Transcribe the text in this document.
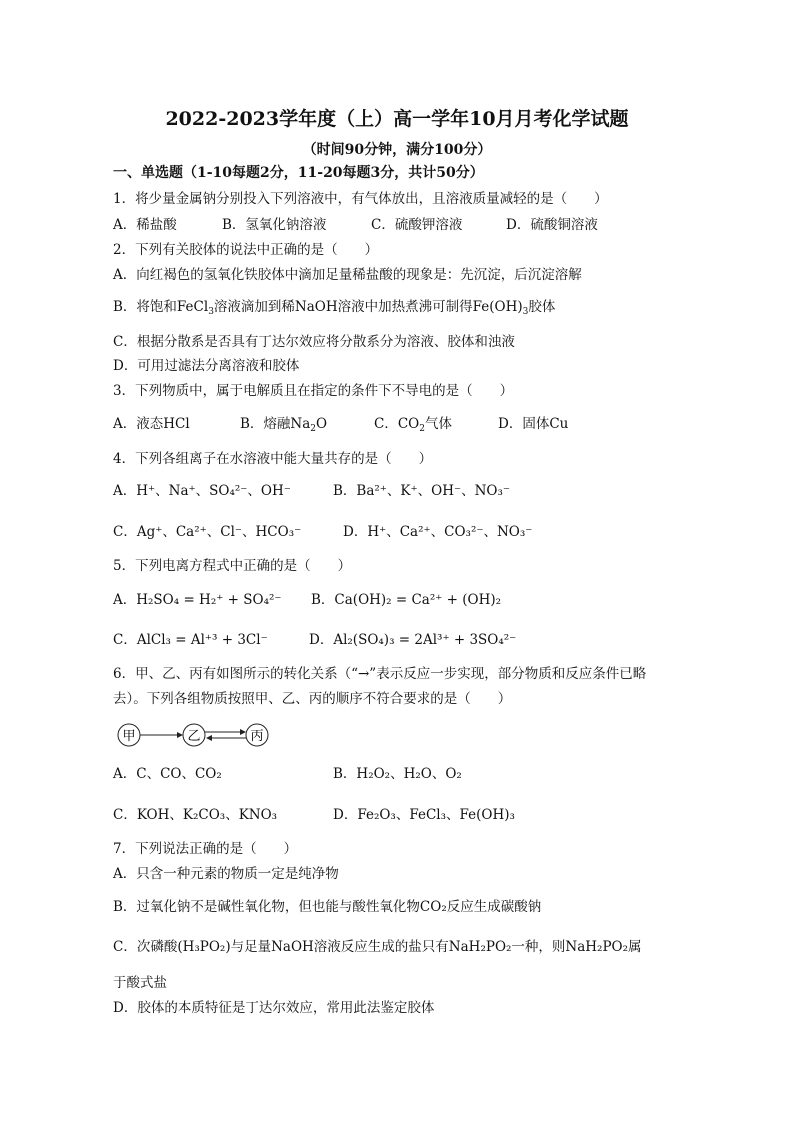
2022-2023学年度（上）高一学年10月月考化学试题
（时间90分钟，满分100分）
一、单选题（1-10每题2分，11-20每题3分，共计50分）
1．将少量金属钠分别投入下列溶液中，有气体放出，且溶液质量减轻的是（　　）
A．稀盐酸	B．氢氧化钠溶液	C．硫酸钾溶液	D．硫酸铜溶液
2．下列有关胶体的说法中正确的是（　　）
A．向红褐色的氢氧化铁胶体中滴加足量稀盐酸的现象是：先沉淀，后沉淀溶解
B．将饱和FeCl$_3$溶液滴加到稀NaOH溶液中加热煮沸可制得$Fe(OH)_3$胶体
C．根据分散系是否具有丁达尔效应将分散系分为溶液、胶体和浊液
D．可用过滤法分离溶液和胶体
3．下列物质中，属于电解质且在指定的条件下不导电的是（　　）
A．液态HCl	B．熔融$Na_2O$	C．$CO_2$气体	D．固体Cu
4．下列各组离子在水溶液中能大量共存的是（　　）
A．H⁺、Na⁺、SO₄²⁻、OH⁻	B．Ba²⁺、K⁺、OH⁻、NO₃⁻
C．Ag⁺、Ca²⁺、Cl⁻、HCO₃⁻	D．H⁺、Ca²⁺、CO₃²⁻、NO₃⁻
5．下列电离方程式中正确的是（　　）
A．H₂SO₄ = H₂⁺ + SO₄²⁻ B．Ca(OH)₂ = Ca²⁺ + (OH)₂
C．AlCl₃ = Al⁺³ + 3Cl⁻	D．Al₂(SO₄)₃ = 2Al³⁺ + 3SO₄²⁻
6．甲、乙、丙有如图所示的转化关系（“→”表示反应一步实现，部分物质和反应条件已略
去）。下列各组物质按照甲、乙、丙的顺序不符合要求的是（　　）
甲	乙	丙
A．C、CO、CO₂	B．H₂O₂、H₂O、O₂
C．KOH、K₂CO₃、KNO₃	D．Fe₂O₃、FeCl₃、Fe(OH)₃
7．下列说法正确的是（　　）
A．只含一种元素的物质一定是纯净物
B．过氧化钠不是碱性氧化物，但也能与酸性氧化物CO₂反应生成碳酸钠
C．次磷酸(H₃PO₂)与足量NaOH溶液反应生成的盐只有NaH₂PO₂一种，则NaH₂PO₂属
于酸式盐
D．胶体的本质特征是丁达尔效应，常用此法鉴定胶体
